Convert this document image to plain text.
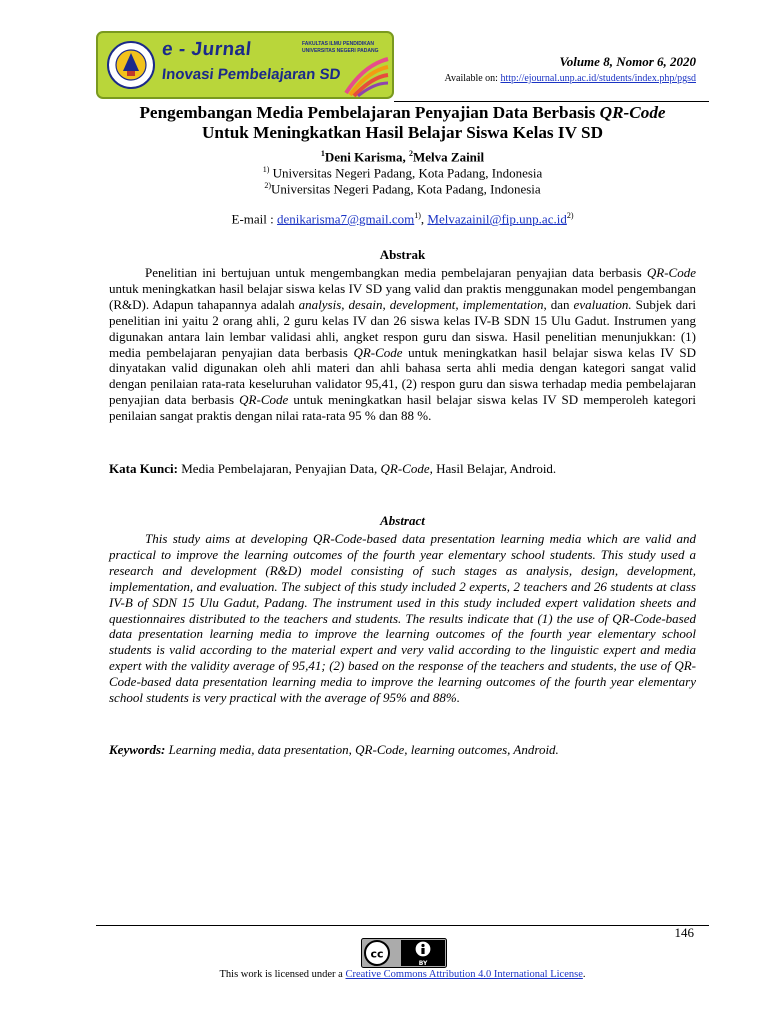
e - Jurnal
Inovasi Pembelajaran SD
FAKULTAS ILMU PENDIDIKAN
UNIVERSITAS NEGERI PADANG
Volume 8, Nomor 6, 2020
Available on: http://ejournal.unp.ac.id/students/index.php/pgsd
Pengembangan Media Pembelajaran Penyajian Data Berbasis QR-Code
Untuk Meningkatkan Hasil Belajar Siswa Kelas IV SD
$^1$Deni Karisma, $^2$Melva Zainil
$^{1)}$ Universitas Negeri Padang, Kota Padang, Indonesia
$^{2)}$Universitas Negeri Padang, Kota Padang, Indonesia
E-mail : denikarisma7@gmail.com$^{1)}$, $Melvazainil@fip.unp.ac.id^{2)}$
Abstrak

Penelitian ini bertujuan untuk mengembangkan media pembelajaran penyajian data berbasis QR-Code untuk meningkatkan hasil belajar siswa kelas IV SD yang valid dan praktis menggunakan model pengembangan (R&D). Adapun tahapannya adalah analysis, desain, development, implementation, dan evaluation. Subjek dari penelitian ini yaitu 2 orang ahli, 2 guru kelas IV dan 26 siswa kelas IV-B SDN 15 Ulu Gadut. Instrumen yang digunakan antara lain lembar validasi ahli, angket respon guru dan siswa. Hasil penelitian menunjukkan: (1) media pembelajaran penyajian data berbasis QR-Code untuk meningkatkan hasil belajar siswa kelas IV SD dinyatakan valid digunakan oleh ahli materi dan ahli bahasa serta ahli media dengan kategori sangat valid dengan penilaian rata-rata keseluruhan validator 95,41, (2) respon guru dan siswa terhadap media pembelajaran penyajian data berbasis QR-Code untuk meningkatkan hasil belajar siswa kelas IV SD memperoleh kategori penilaian sangat praktis dengan nilai rata-rata 95 % dan 88 %.

Kata Kunci: Media Pembelajaran, Penyajian Data, QR-Code, Hasil Belajar, Android.
Abstract

This study aims at developing QR-Code-based data presentation learning media which are valid and practical to improve the learning outcomes of the fourth year elementary school students. This study used a research and development (R&D) model consisting of such stages as analysis, design, development, implementation, and evaluation. The subject of this study included 2 experts, 2 teachers and 26 students at class IV-B of SDN 15 Ulu Gadut, Padang. The instrument used in this study included expert validation sheets and questionnaires distributed to the teachers and students. The results indicate that (1) the use of QR-Code-based data presentation learning media to improve the learning outcomes of the fourth year elementary school students is valid according to the material expert and very valid according to the linguistic expert and media expert with the validity average of 95,41; (2) based on the response of the teachers and students, the use of QR-Code-based data presentation learning media to improve the learning outcomes of the fourth year elementary school students is very practical with the average of 95% and 88%.

Keywords: Learning media, data presentation, QR-Code, learning outcomes, Android.
146
cc
BY
This work is licensed under a Creative Commons Attribution 4.0 International License.
